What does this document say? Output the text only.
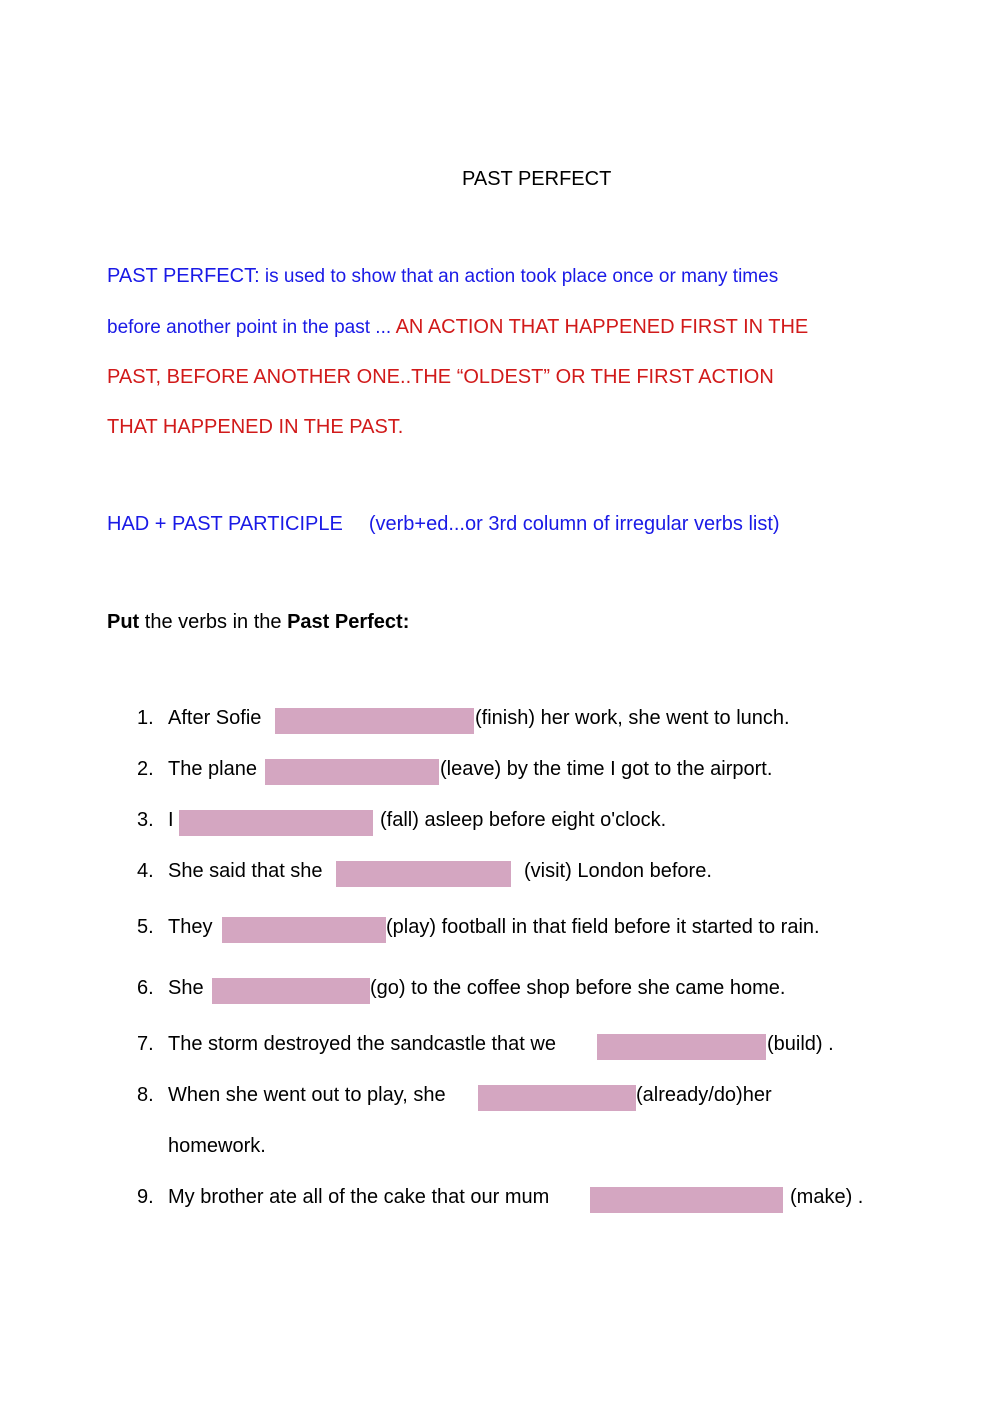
PAST PERFECT
PAST PERFECT: is used to show that an action took place once or many times
before another point in the past ... AN ACTION THAT HAPPENED FIRST IN THE
PAST, BEFORE ANOTHER ONE..THE “OLDEST” OR THE FIRST ACTION
THAT HAPPENED IN THE PAST.
HAD + PAST PARTICIPLE (verb+ed...or 3rd column of irregular verbs list)
Put the verbs in the Past Perfect:
1. After Sofie	(finish) her work, she went to lunch.
2. The plane	(leave) by the time I got to the airport.
3. I	(fall) asleep before eight o'clock.
4. She said that she	(visit) London before.
5. They	(play) football in that field before it started to rain.
6. She	(go) to the coffee shop before she came home.
7. The storm destroyed the sandcastle that we	(build) .
8. When she went out to play, she	(already/do)her
homework.
9. My brother ate all of the cake that our mum	(make) .
